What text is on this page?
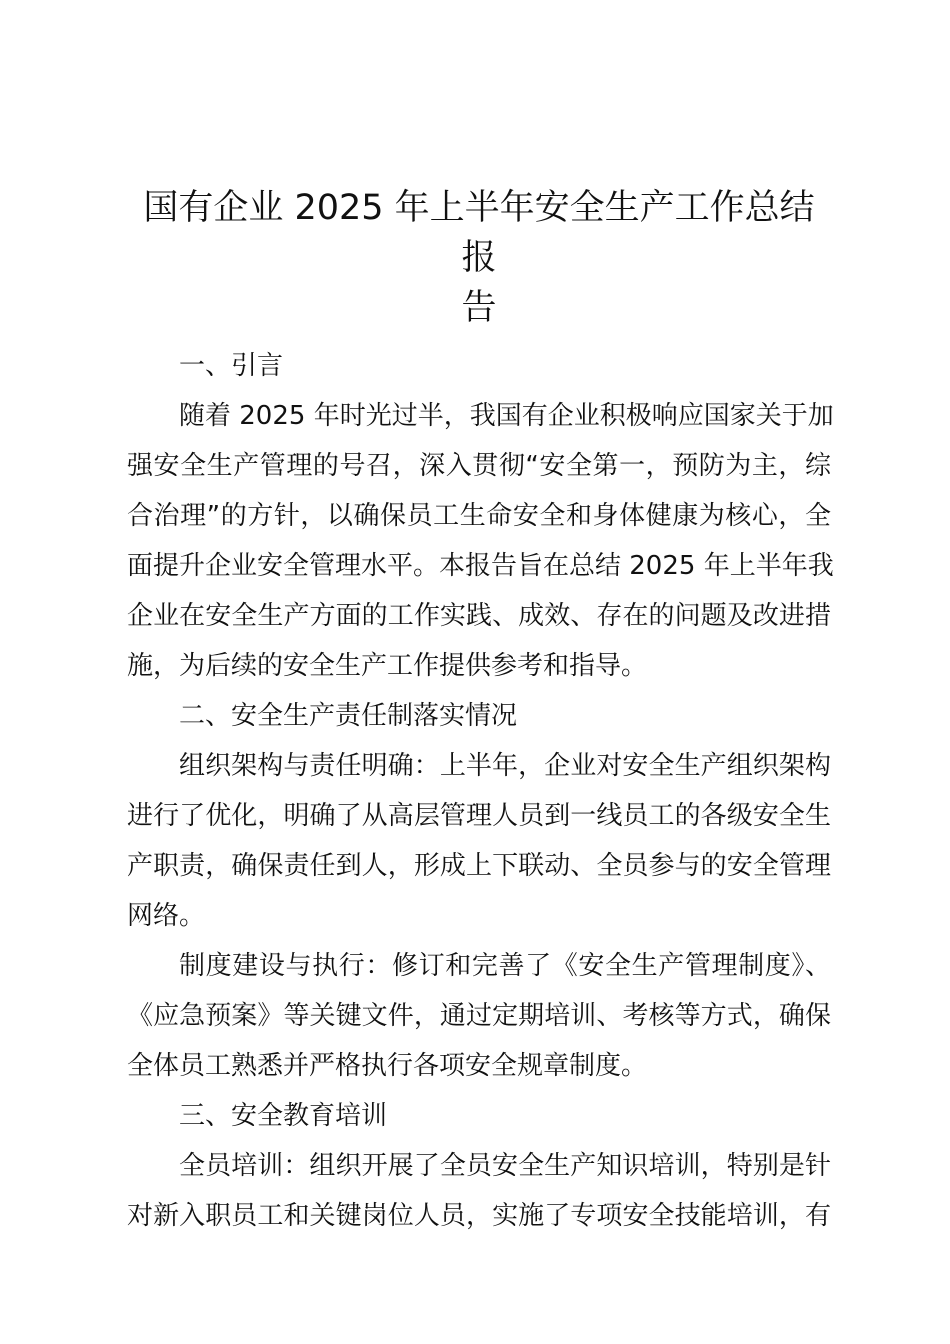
国有企业 2025 年上半年安全生产工作总结报

告

一、引言

随着 2025 年时光过半，我国有企业积极响应国家关于加

强安全生产管理的号召，深入贯彻“安全第一，预防为主，综

合治理”的方针，以确保员工生命安全和身体健康为核心，全

面提升企业安全管理水平。本报告旨在总结 2025 年上半年我

企业在安全生产方面的工作实践、成效、存在的问题及改进措

施，为后续的安全生产工作提供参考和指导。

二、安全生产责任制落实情况

组织架构与责任明确：上半年，企业对安全生产组织架构

进行了优化，明确了从高层管理人员到一线员工的各级安全生

产职责，确保责任到人，形成上下联动、全员参与的安全管理

网络。

制度建设与执行：修订和完善了《安全生产管理制度》、

《应急预案》等关键文件，通过定期培训、考核等方式，确保

全体员工熟悉并严格执行各项安全规章制度。

三、安全教育培训

全员培训：组织开展了全员安全生产知识培训，特别是针

对新入职员工和关键岗位人员，实施了专项安全技能培训，有
